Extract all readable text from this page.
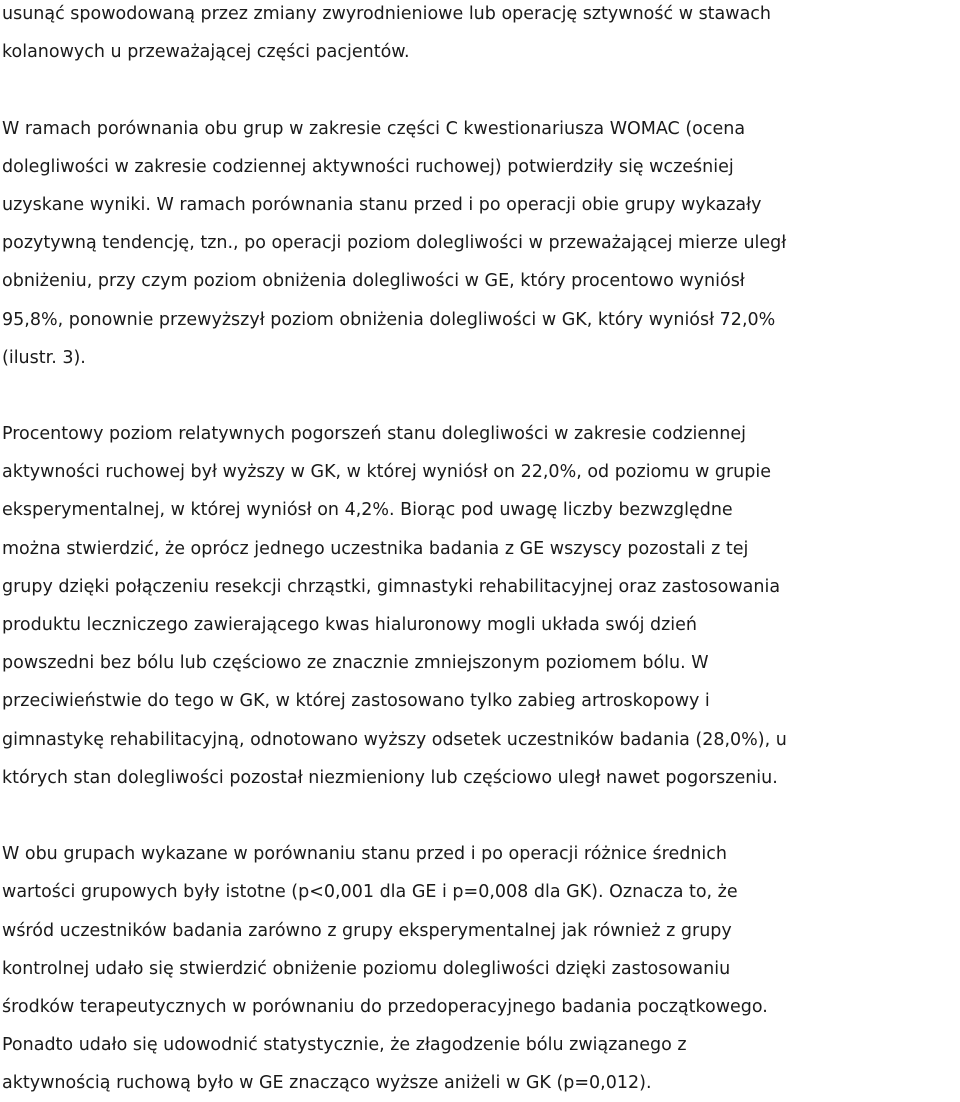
usunąć spowodowaną przez zmiany zwyrodnieniowe lub operację sztywność w stawach
kolanowych u przeważającej części pacjentów.
W ramach porównania obu grup w zakresie części C kwestionariusza WOMAC (ocena
dolegliwości w zakresie codziennej aktywności ruchowej) potwierdziły się wcześniej
uzyskane wyniki. W ramach porównania stanu przed i po operacji obie grupy wykazały
pozytywną tendencję, tzn., po operacji poziom dolegliwości w przeważającej mierze uległ
obniżeniu, przy czym poziom obniżenia dolegliwości w GE, który procentowo wyniósł
95,8%, ponownie przewyższył poziom obniżenia dolegliwości w GK, który wyniósł 72,0%
(ilustr. 3).
Procentowy poziom relatywnych pogorszeń stanu dolegliwości w zakresie codziennej
aktywności ruchowej był wyższy w GK, w której wyniósł on 22,0%, od poziomu w grupie
eksperymentalnej, w której wyniósł on 4,2%. Biorąc pod uwagę liczby bezwzględne
można stwierdzić, że oprócz jednego uczestnika badania z GE wszyscy pozostali z tej
grupy dzięki połączeniu resekcji chrząstki, gimnastyki rehabilitacyjnej oraz zastosowania
produktu leczniczego zawierającego kwas hialuronowy mogli układa swój dzień
powszedni bez bólu lub częściowo ze znacznie zmniejszonym poziomem bólu. W
przeciwieństwie do tego w GK, w której zastosowano tylko zabieg artroskopowy i
gimnastykę rehabilitacyjną, odnotowano wyższy odsetek uczestników badania (28,0%), u
których stan dolegliwości pozostał niezmieniony lub częściowo uległ nawet pogorszeniu.
W obu grupach wykazane w porównaniu stanu przed i po operacji różnice średnich
wartości grupowych były istotne (p<0,001 dla GE i p=0,008 dla GK). Oznacza to, że
wśród uczestników badania zarówno z grupy eksperymentalnej jak również z grupy
kontrolnej udało się stwierdzić obniżenie poziomu dolegliwości dzięki zastosowaniu
środków terapeutycznych w porównaniu do przedoperacyjnego badania początkowego.
Ponadto udało się udowodnić statystycznie, że złagodzenie bólu związanego z
aktywnością ruchową było w GE znacząco wyższe aniżeli w GK (p=0,012).
